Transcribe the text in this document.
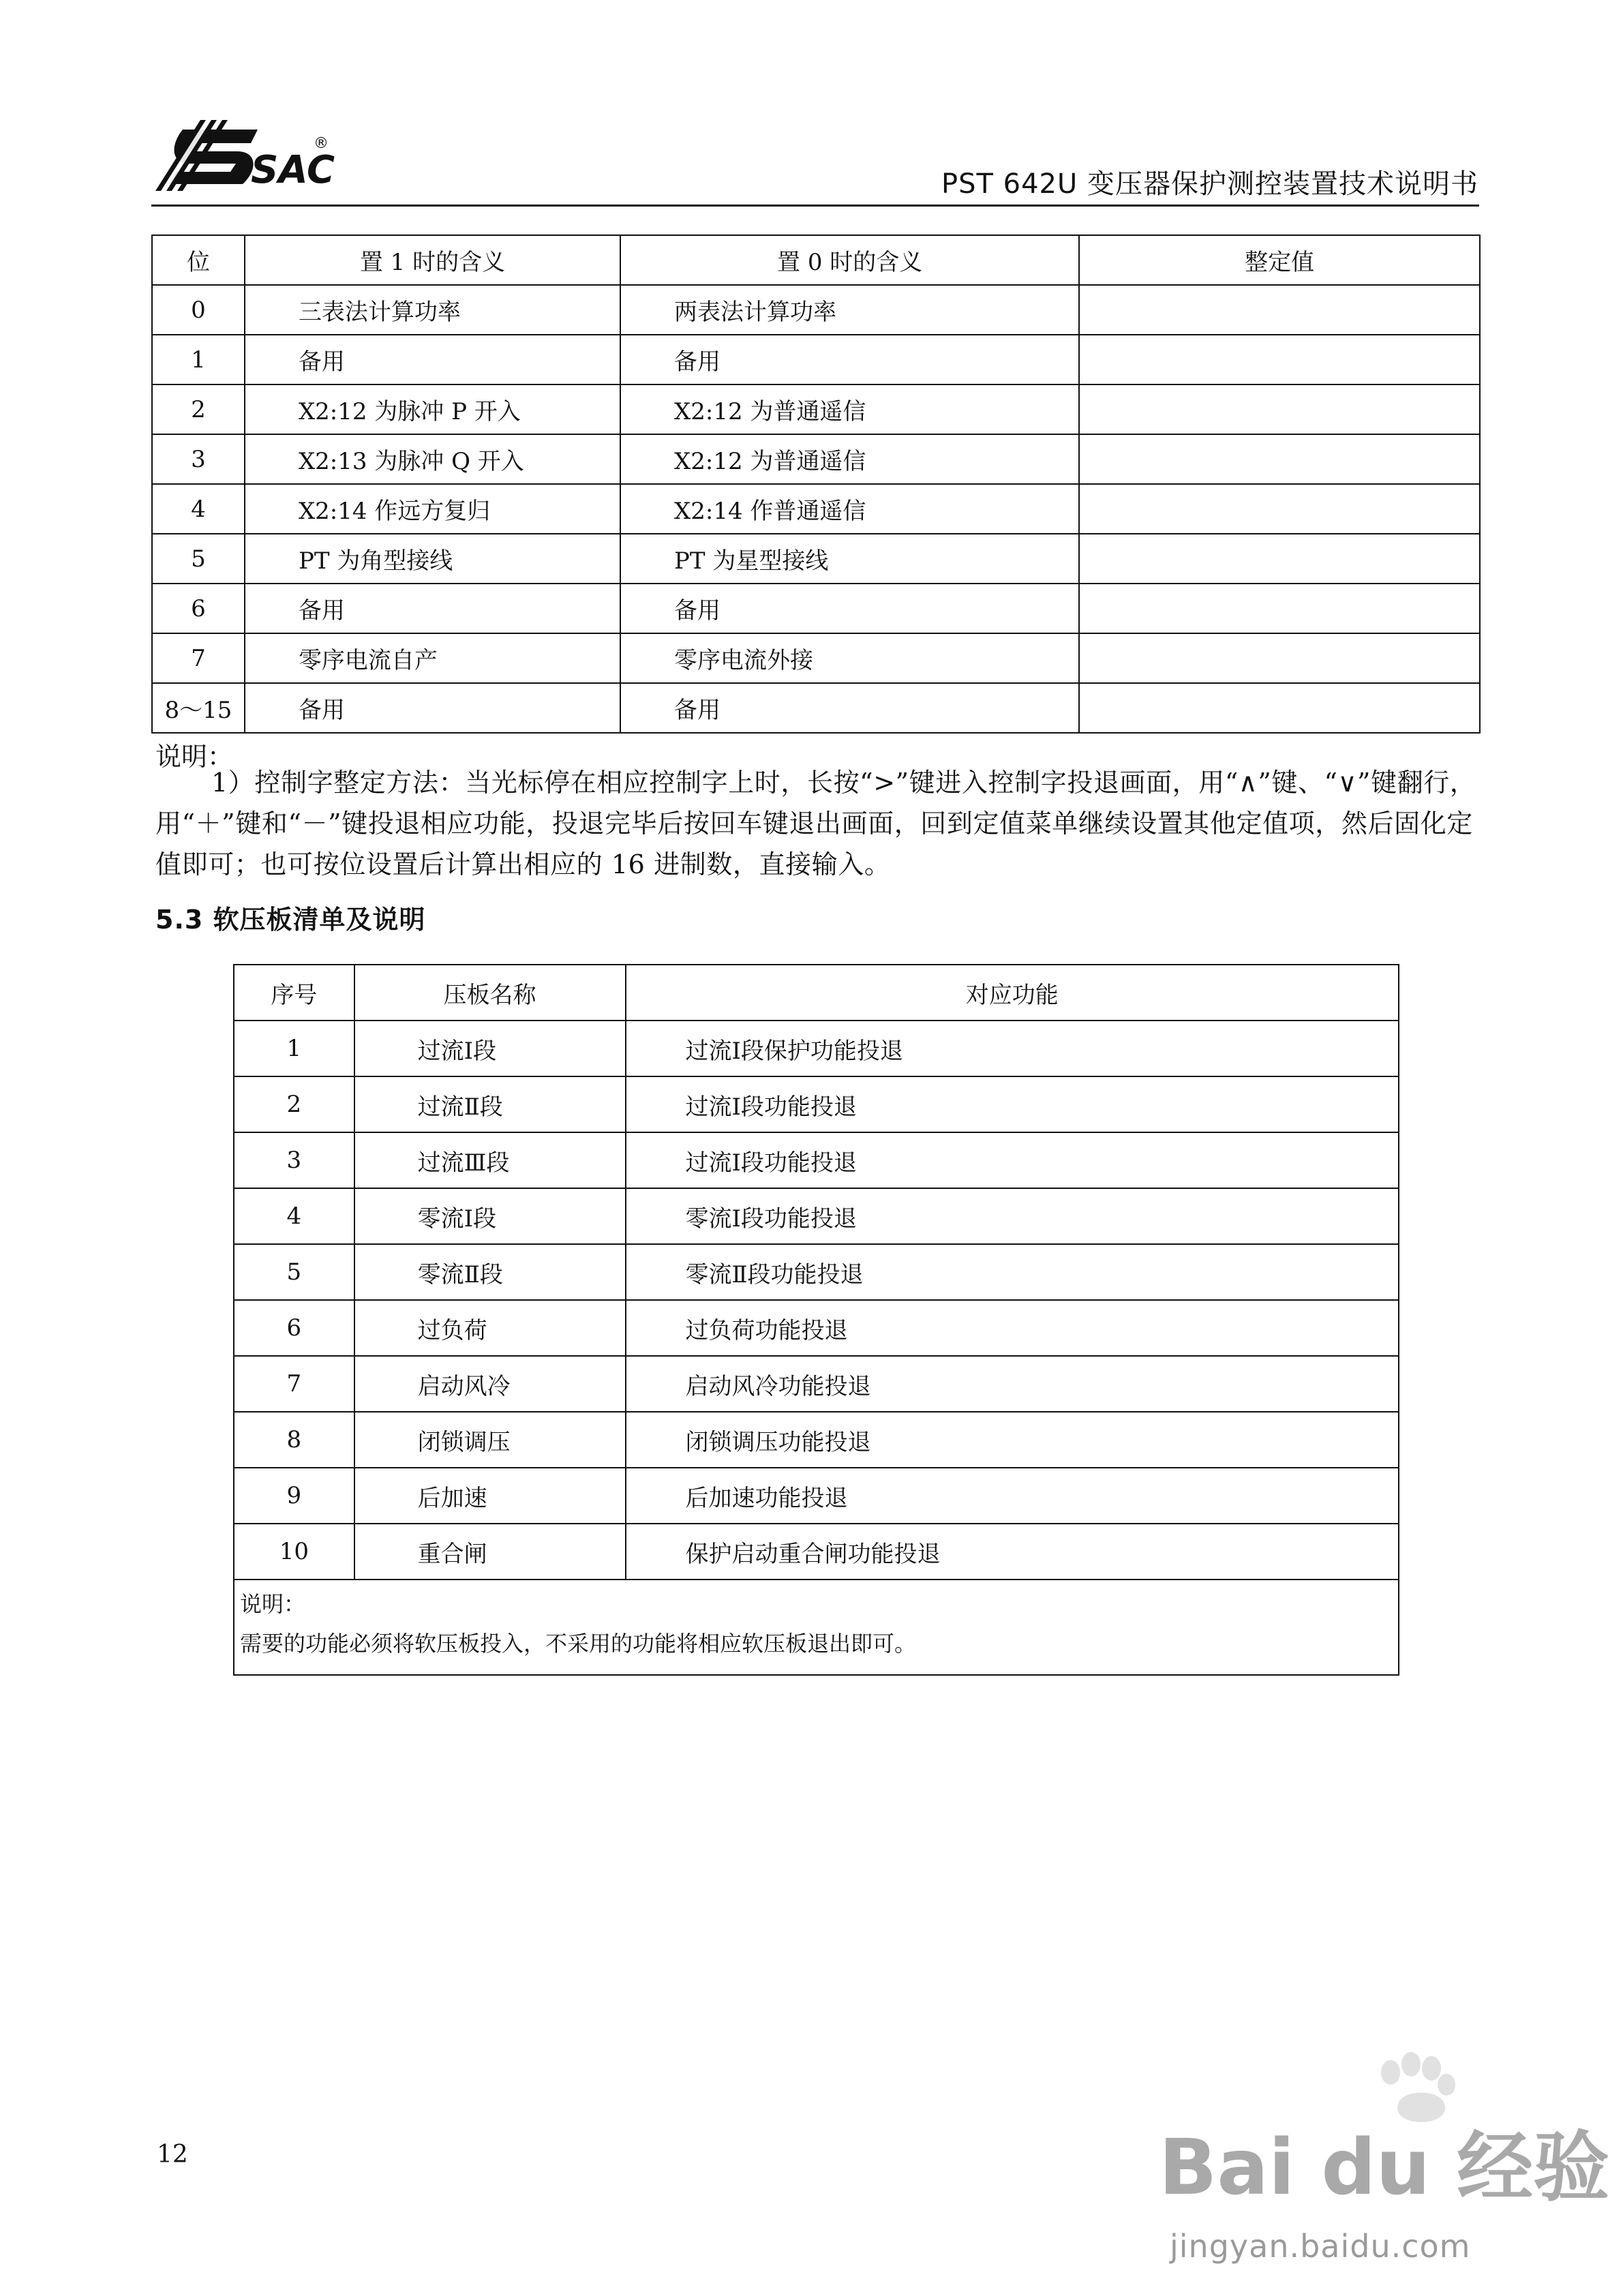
SAC
®
PST 642U 变压器保护测控装置技术说明书
位	置 1 时的含义	置 0 时的含义	整定值
0	三表法计算功率	两表法计算功率	
1	备用	备用	
2	X2:12 为脉冲 P 开入	X2:12 为普通遥信	
3	X2:13 为脉冲 Q 开入	X2:12 为普通遥信	
4	X2:14 作远方复归	X2:14 作普通遥信	
5	PT 为角型接线	PT 为星型接线	
6	备用	备用	
7	零序电流自产	零序电流外接	
8～15	备用	备用	
说明：
1）控制字整定方法：当光标停在相应控制字上时，长按“>”键进入控制字投退画面，用“∧”键、“∨”键翻行，用“＋”键和“－”键投退相应功能，投退完毕后按回车键退出画面，回到定值菜单继续设置其他定值项，然后固化定值即可；也可按位设置后计算出相应的 16 进制数，直接输入。
5.3 软压板清单及说明
序号	压板名称	对应功能
1	过流Ⅰ段	过流Ⅰ段保护功能投退
2	过流Ⅱ段	过流Ⅰ段功能投退
3	过流Ⅲ段	过流Ⅰ段功能投退
4	零流Ⅰ段	零流Ⅰ段功能投退
5	零流Ⅱ段	零流Ⅱ段功能投退
6	过负荷	过负荷功能投退
7	启动风冷	启动风冷功能投退
8	闭锁调压	闭锁调压功能投退
9	后加速	后加速功能投退
10	重合闸	保护启动重合闸功能投退

说明：
需要的功能必须将软压板投入，不采用的功能将相应软压板退出即可。		
12	Bai du 经验
jingyan.baidu.com
